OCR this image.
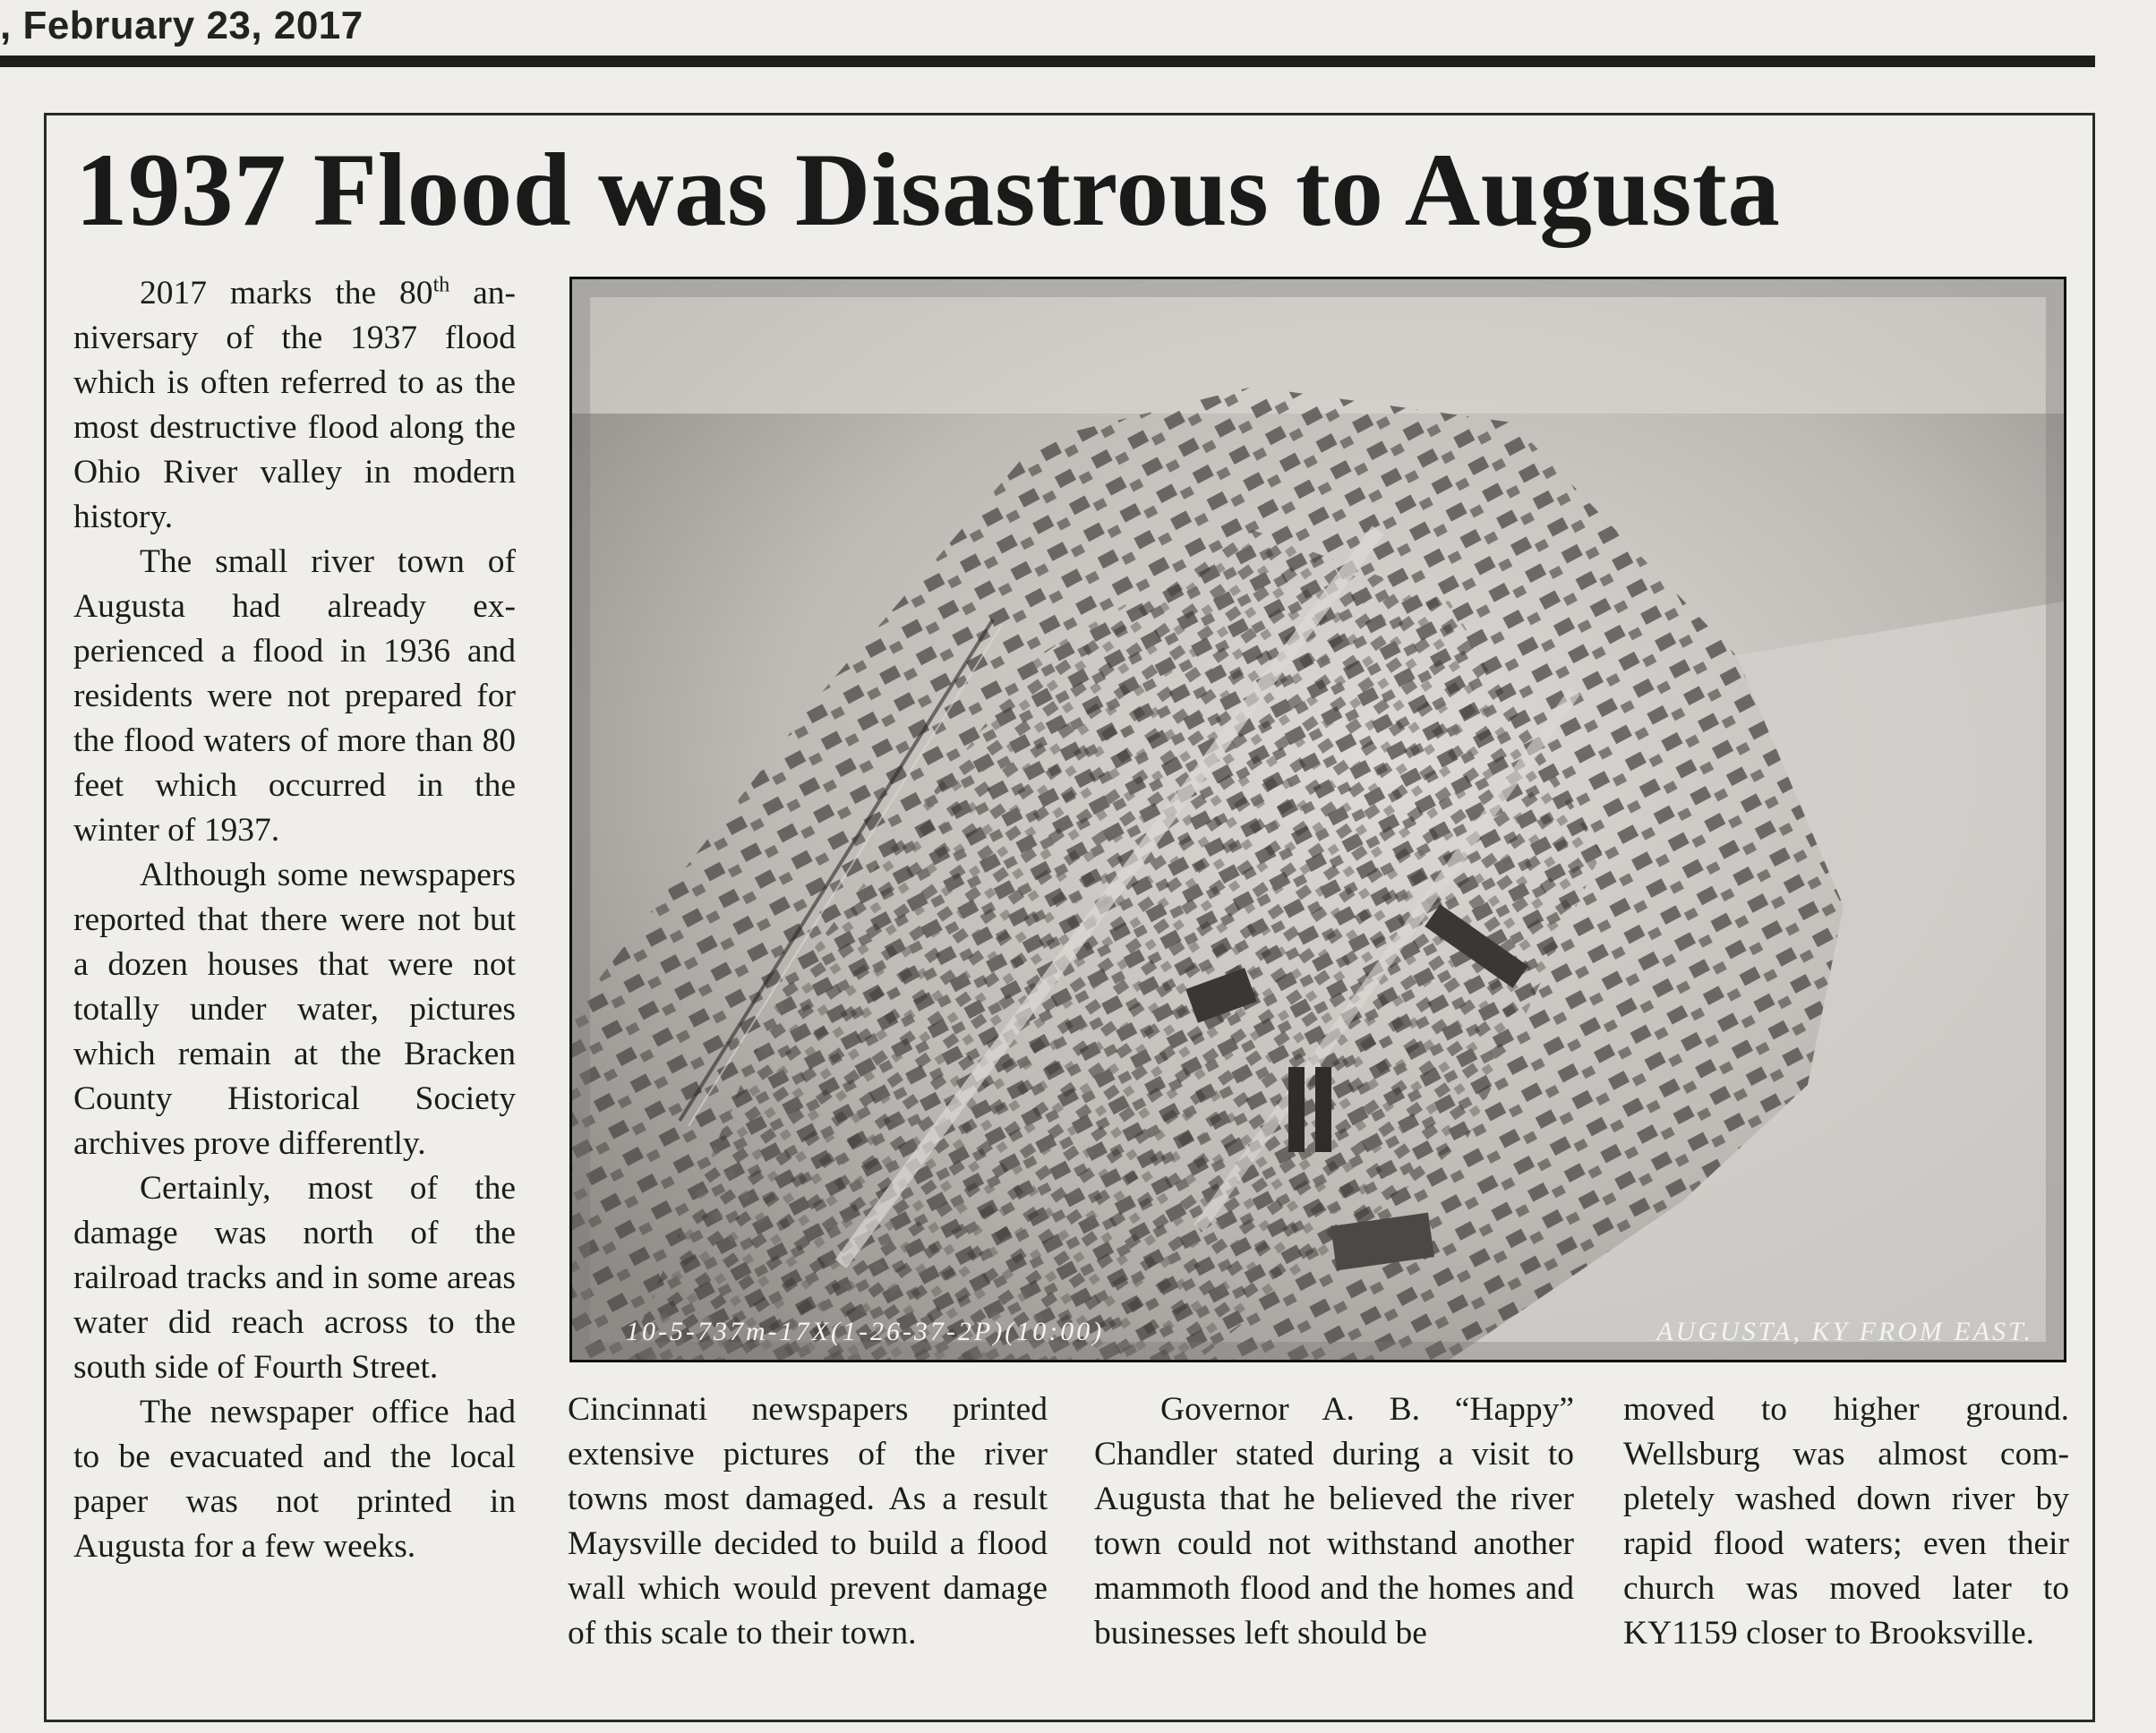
, February 23, 2017
1937 Flood was Disastrous to Augusta

2017 marks the 80th anniversary of the 1937 flood which is often referred to as the most destructive flood along the Ohio River valley in modern history.

The small river town of Augusta had already experienced a flood in 1936 and residents were not prepared for the flood waters of more than 80 feet which occurred in the winter of 1937.

Although some newspapers reported that there were not but a dozen houses that were not totally under water, pictures which remain at the Bracken County Historical Society archives prove differently.

Certainly, most of the damage was north of the railroad tracks and in some areas water did reach across to the south side of Fourth Street.

The newspaper office had to be evacuated and the local paper was not printed in Augusta for a few weeks.

10-5-737m-17X(1-26-37-2P)(10:00)	AUGUSTA, KY FROM EAST.

Cincinnati newspapers printed extensive pictures of the river towns most damaged. As a result Maysville decided to build a flood wall which would prevent damage of this scale to their town.

Governor A. B. “Happy” Chandler stated during a visit to Augusta that he believed the river town could not withstand another mammoth flood and the homes and businesses left should be

moved to higher ground. Wellsburg was almost completely washed down river by rapid flood waters; even their church was moved later to KY1159 closer to Brooksville.
